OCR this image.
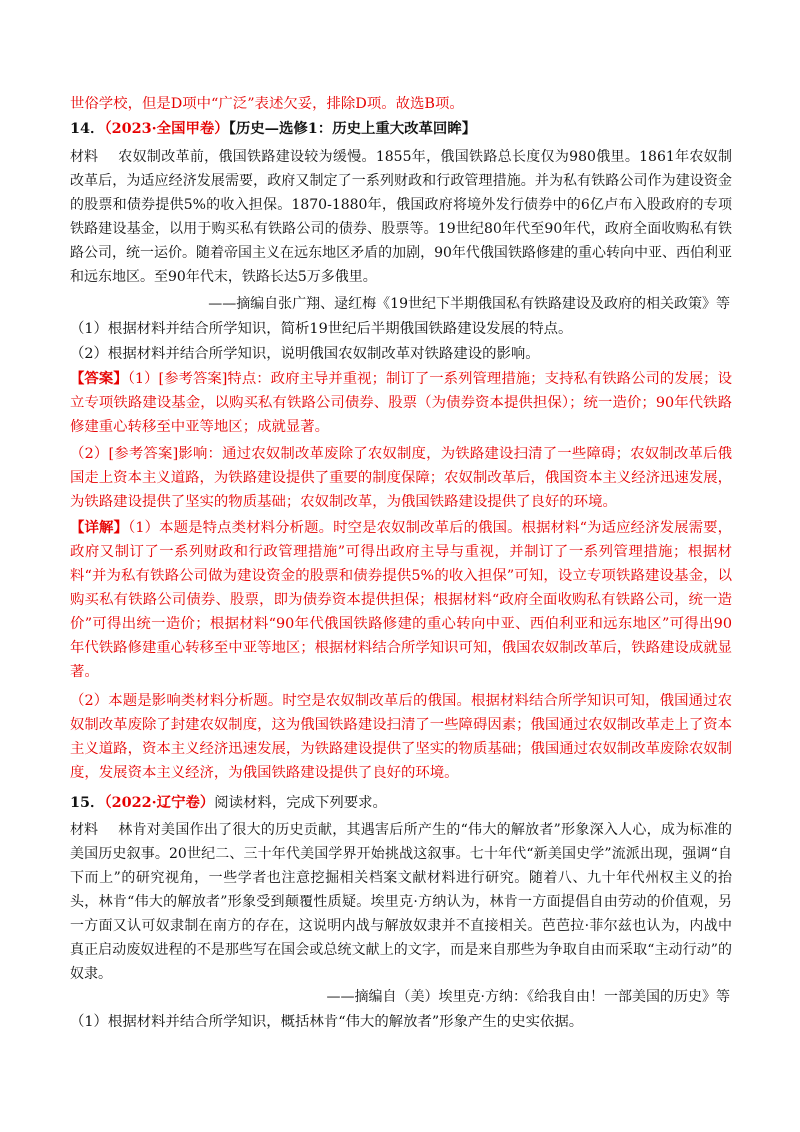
世俗学校，但是D项中“广泛”表述欠妥，排除D项。故选B项。

14．（2023·全国甲卷）【历史—选修1：历史上重大改革回眸】

材料 农奴制改革前，俄国铁路建设较为缓慢。1855年，俄国铁路总长度仅为980俄里。1861年农奴制改革后，为适应经济发展需要，政府又制定了一系列财政和行政管理措施。并为私有铁路公司作为建设资金的股票和债券提供5%的收入担保。1870-1880年，俄国政府将境外发行债券中的6亿卢布入股政府的专项铁路建设基金，以用于购买私有铁路公司的债券、股票等。19世纪80年代至90年代，政府全面收购私有铁路公司，统一运价。随着帝国主义在远东地区矛盾的加剧，90年代俄国铁路修建的重心转向中亚、西伯利亚和远东地区。至90年代末，铁路长达5万多俄里。

——摘编自张广翔、逯红梅《19世纪下半期俄国私有铁路建设及政府的相关政策》等

（1）根据材料并结合所学知识，简析19世纪后半期俄国铁路建设发展的特点。

（2）根据材料并结合所学知识，说明俄国农奴制改革对铁路建设的影响。

【答案】（1）[参考答案]特点：政府主导并重视；制订了一系列管理措施；支持私有铁路公司的发展；设立专项铁路建设基金，以购买私有铁路公司债券、股票（为债券资本提供担保）；统一造价；90年代铁路修建重心转移至中亚等地区；成就显著。

（2）[参考答案]影响：通过农奴制改革废除了农奴制度，为铁路建设扫清了一些障碍；农奴制改革后俄国走上资本主义道路，为铁路建设提供了重要的制度保障；农奴制改革后，俄国资本主义经济迅速发展，为铁路建设提供了坚实的物质基础；农奴制改革，为俄国铁路建设提供了良好的环境。

【详解】（1）本题是特点类材料分析题。时空是农奴制改革后的俄国。根据材料“为适应经济发展需要，政府又制订了一系列财政和行政管理措施”可得出政府主导与重视，并制订了一系列管理措施；根据材料“并为私有铁路公司做为建设资金的股票和债券提供5%的收入担保”可知，设立专项铁路建设基金，以购买私有铁路公司债券、股票，即为债券资本提供担保；根据材料“政府全面收购私有铁路公司，统一造价”可得出统一造价；根据材料“90年代俄国铁路修建的重心转向中亚、西伯利亚和远东地区”可得出90年代铁路修建重心转移至中亚等地区；根据材料结合所学知识可知，俄国农奴制改革后，铁路建设成就显著。

（2）本题是影响类材料分析题。时空是农奴制改革后的俄国。根据材料结合所学知识可知，俄国通过农奴制改革废除了封建农奴制度，这为俄国铁路建设扫清了一些障碍因素；俄国通过农奴制改革走上了资本主义道路，资本主义经济迅速发展，为铁路建设提供了坚实的物质基础；俄国通过农奴制改革废除农奴制度，发展资本主义经济，为俄国铁路建设提供了良好的环境。

15．（2022·辽宁卷）阅读材料，完成下列要求。

材料 林肯对美国作出了很大的历史贡献，其遇害后所产生的“伟大的解放者”形象深入人心，成为标准的美国历史叙事。20世纪二、三十年代美国学界开始挑战这叙事。七十年代“新美国史学”流派出现，强调“自下而上”的研究视角，一些学者也注意挖掘相关档案文献材料进行研究。随着八、九十年代州权主义的抬头，林肯“伟大的解放者”形象受到颠覆性质疑。埃里克·方纳认为，林肯一方面提倡自由劳动的价值观，另一方面又认可奴隶制在南方的存在，这说明内战与解放奴隶并不直接相关。芭芭拉·菲尔兹也认为，内战中真正启动废奴进程的不是那些写在国会或总统文献上的文字，而是来自那些为争取自由而采取“主动行动”的奴隶。

——摘编自（美）埃里克·方纳：《给我自由！一部美国的历史》等

（1）根据材料并结合所学知识，概括林肯“伟大的解放者”形象产生的史实依据。
